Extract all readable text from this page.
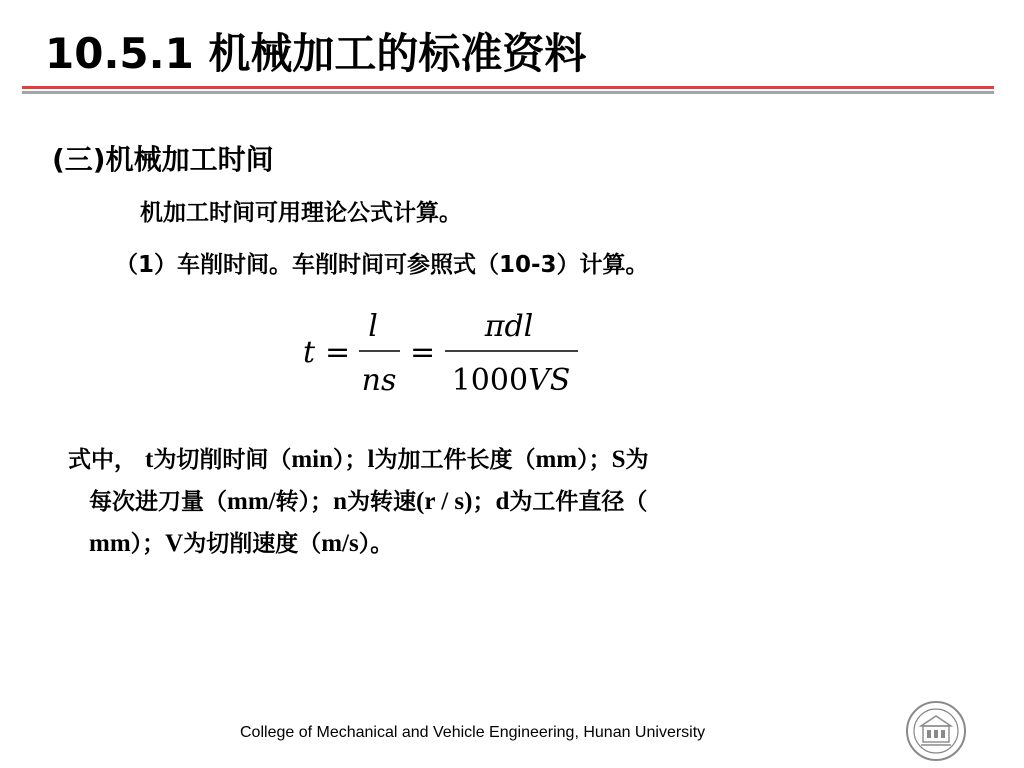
10.5.1 机械加工的标准资料
(三)机械加工时间
机加工时间可用理论公式计算。
（1）车削时间。车削时间可参照式（10-3）计算。
t =
l
ns
=
πdl
1000VS
式中， t为切削时间（min）；l为加工件长度（mm）；S为
每次进刀量（mm/转）；n为转速(r / s)；d为工件直径（
mm）；V为切削速度（m/s）。
College of Mechanical and Vehicle Engineering, Hunan University
